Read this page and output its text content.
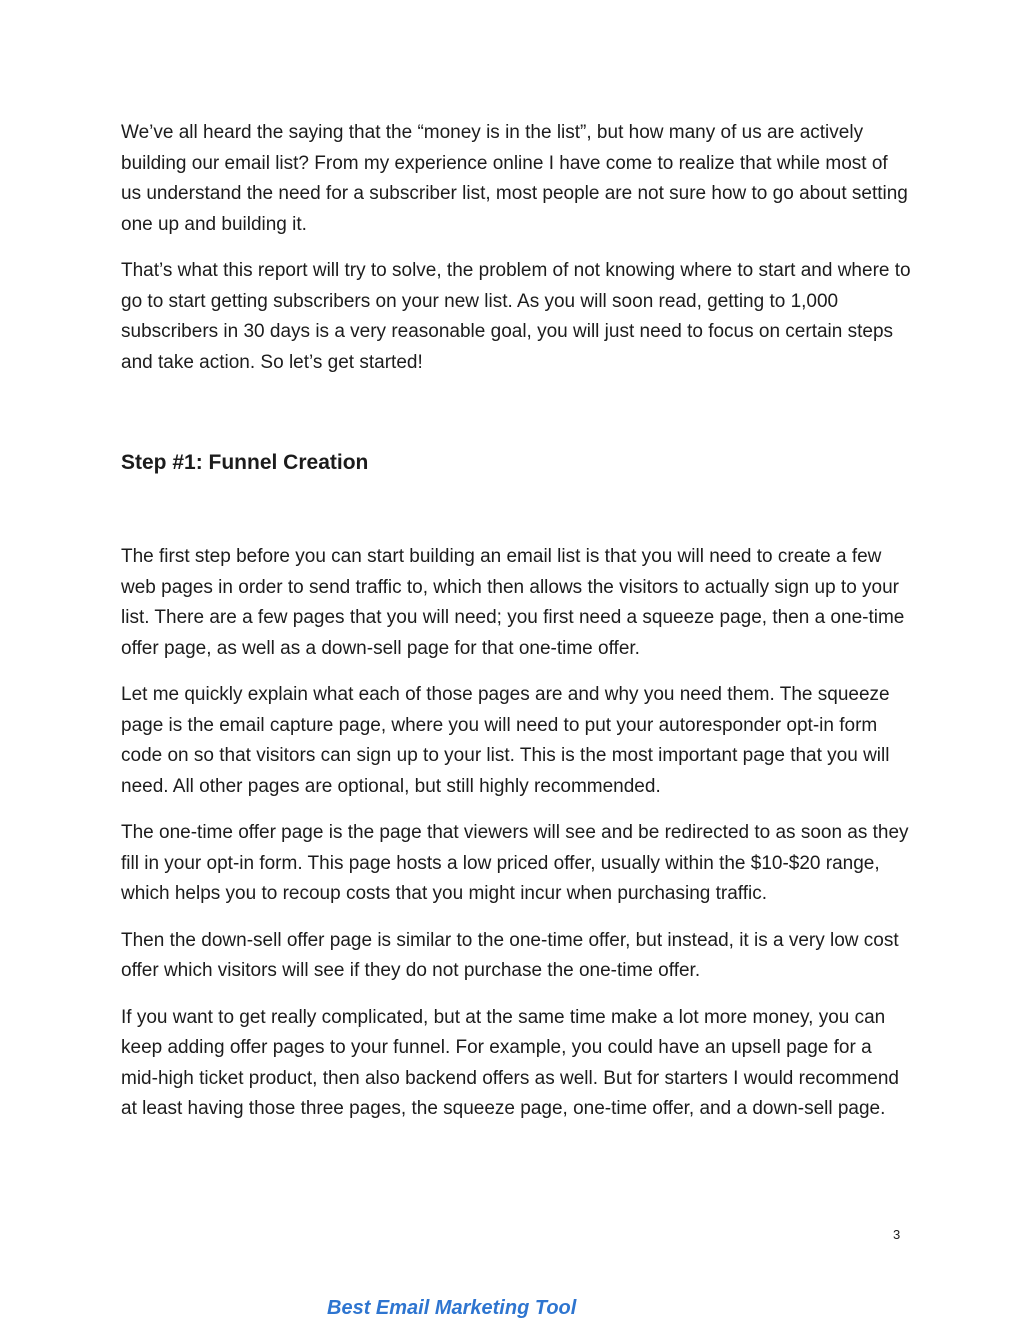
We’ve all heard the saying that the “money is in the list”, but how many of us are actively building our email list? From my experience online I have come to realize that while most of us understand the need for a subscriber list, most people are not sure how to go about setting one up and building it.

That’s what this report will try to solve, the problem of not knowing where to start and where to go to start getting subscribers on your new list. As you will soon read, getting to 1,000 subscribers in 30 days is a very reasonable goal, you will just need to focus on certain steps and take action. So let’s get started!

Step #1: Funnel Creation

The first step before you can start building an email list is that you will need to create a few web pages in order to send traffic to, which then allows the visitors to actually sign up to your list. There are a few pages that you will need; you first need a squeeze page, then a one-time offer page, as well as a down-sell page for that one-time offer.

Let me quickly explain what each of those pages are and why you need them. The squeeze page is the email capture page, where you will need to put your autoresponder opt-in form code on so that visitors can sign up to your list. This is the most important page that you will need. All other pages are optional, but still highly recommended.

The one-time offer page is the page that viewers will see and be redirected to as soon as they fill in your opt-in form. This page hosts a low priced offer, usually within the $10-$20 range, which helps you to recoup costs that you might incur when purchasing traffic.

Then the down-sell offer page is similar to the one-time offer, but instead, it is a very low cost offer which visitors will see if they do not purchase the one-time offer.

If you want to get really complicated, but at the same time make a lot more money, you can keep adding offer pages to your funnel. For example, you could have an upsell page for a mid-high ticket product, then also backend offers as well. But for starters I would recommend at least having those three pages, the squeeze page, one-time offer, and a down-sell page.

3
Best Email Marketing Tool
